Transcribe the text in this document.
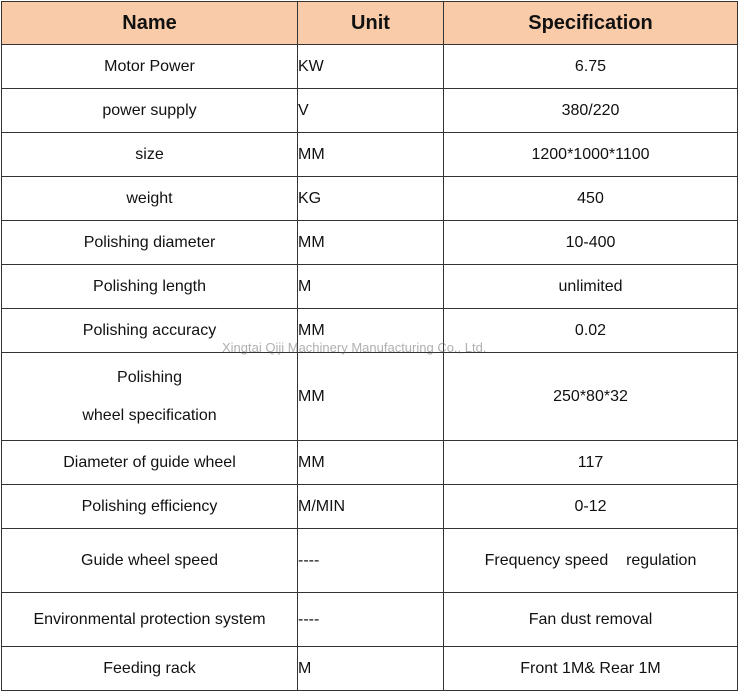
Name	Unit	Specification
Motor Power	KW	6.75
power supply	V	380/220
size	MM	1200*1000*1100
weight	KG	450
Polishing diameter	MM	10-400
Polishing length	M	unlimited
Polishing accuracy	MM	0.02

Polishing
wheel specification	MM	250*80*32
Diameter of guide wheel	MM	117
Polishing efficiency	M/MIN	0-12
Guide wheel speed	----	Frequency speed    regulation
Environmental protection system	----	Fan dust removal
Feeding rack	M	Front 1M& Rear 1M
Xingtai Qiji Machinery Manufacturing Co., Ltd.
